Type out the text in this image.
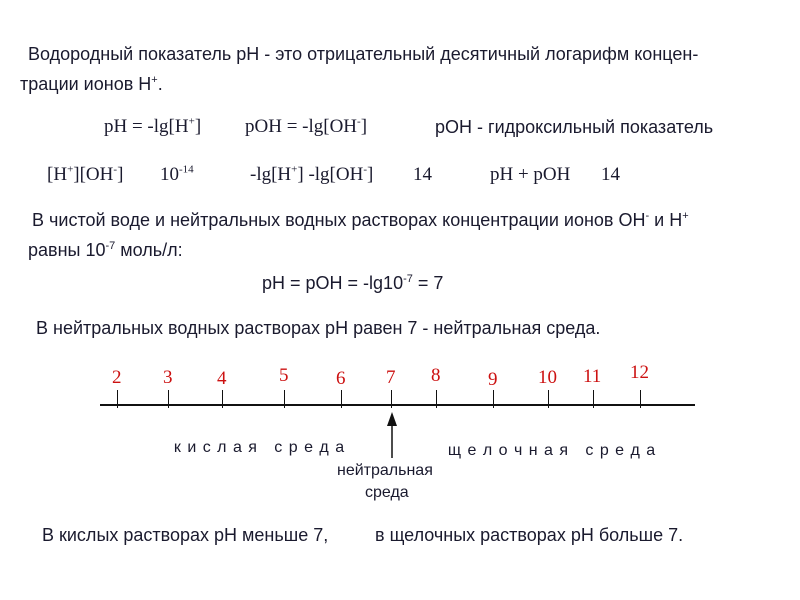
Водородный показатель рН - это отрицательный десятичный логарифм концен-
трации ионов Н+.
рН = -lg[H+] рОН = -lg[OH-]	рОН - гидроксильный показатель
[H+][OH-] $10^{-14}$	-lg[H+] -lg[OH-] 14	pH + pOH 14
В чистой воде и нейтральных водных растворах концентрации ионов OH- и H+
равны $10^{-7}$ моль/л:
рН = рОН = $-\lg 10^{-7} = 7$
В нейтральных водных растворах рН равен 7 - нейтральная среда.
2 3 4	5	6 7 8	9 10 11 12

к и с л а я   с р е д а	щ е л о ч н а я   с р е д а

нейтральная
среда
В кислых растворах рН меньше 7,	в щелочных растворах рН больше 7.
